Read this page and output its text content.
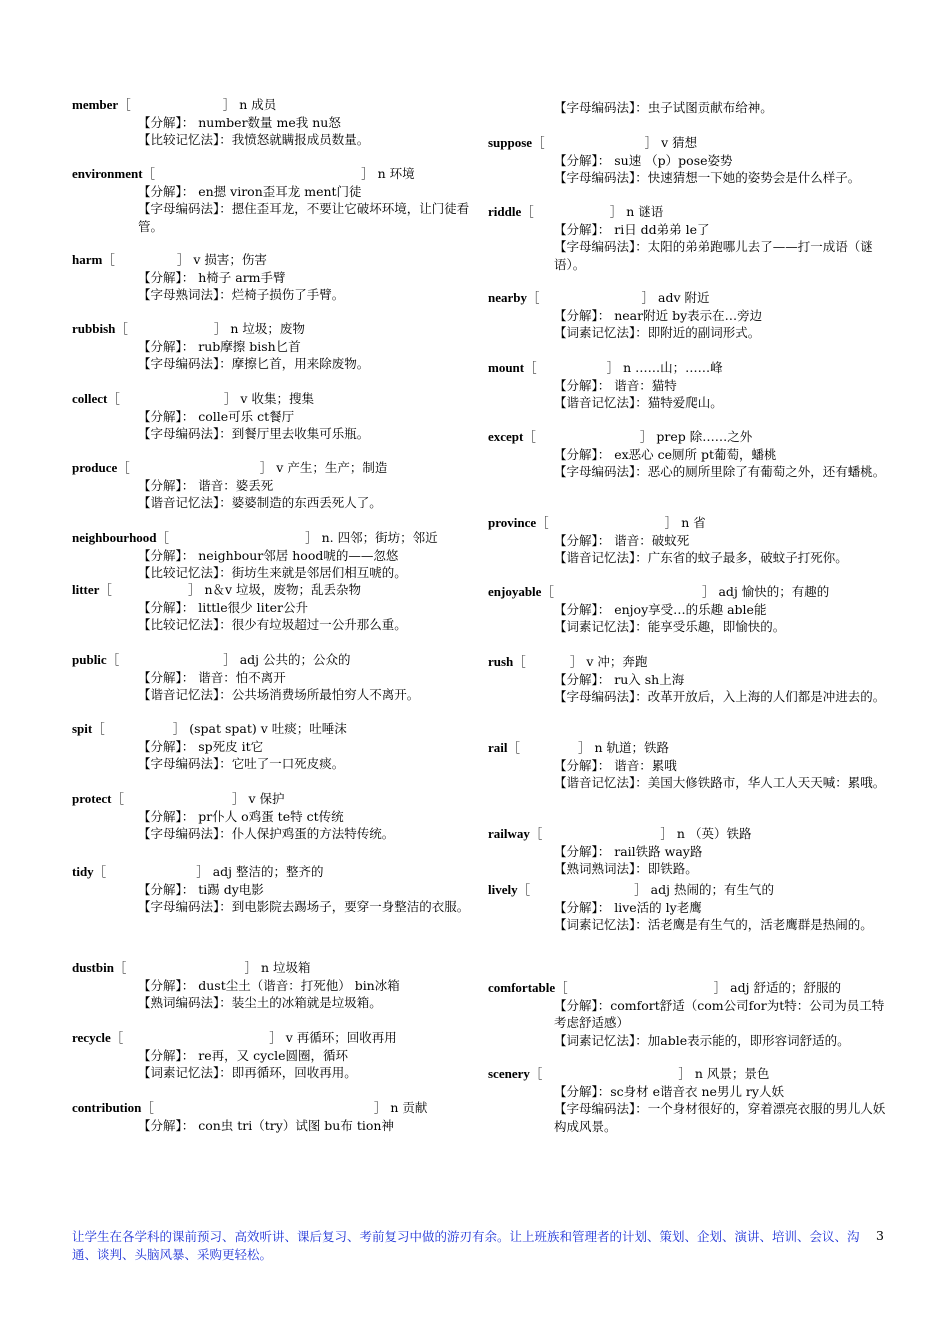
member［	］ n 成员
【分解】： number数量 me我 nu怒
【比较记忆法】：我愤怒就瞒报成员数量。
environment［	］ n 环境
【分解】： en摁 viron歪耳龙 ment门徒
【字母编码法】：摁住歪耳龙，不要让它破坏环境，让门徒看管。
harm［	］ v 损害；伤害
【分解】： h椅子 arm手臂
【字母熟词法】：烂椅子损伤了手臂。
rubbish［	］ n 垃圾；废物
【分解】： rub摩擦 bish匕首
【字母编码法】：摩擦匕首，用来除废物。
collect［	］ v 收集；搜集
【分解】： colle可乐 ct餐厅
【字母编码法】：到餐厅里去收集可乐瓶。
produce［	］ v 产生；生产；制造
【分解】： 谐音：婆丢死
【谐音记忆法】：婆婆制造的东西丢死人了。
neighbourhood［	］ n. 四邻；街坊；邻近
【分解】： neighbour邻居 hood唬的——忽悠
【比较记忆法】：街坊生来就是邻居们相互唬的。
litter［	］ n＆v 垃圾，废物；乱丢杂物
【分解】： little很少 liter公升
【比较记忆法】：很少有垃圾超过一公升那么重。
public［	］ adj 公共的；公众的
【分解】： 谐音：怕不离开
【谐音记忆法】：公共场消费场所最怕穷人不离开。
spit［	］ (spat spat) v 吐痰；吐唾沫
【分解】： sp死皮 it它
【字母编码法】：它吐了一口死皮痰。
protect［	］ v 保护
【分解】： pr仆人 o鸡蛋 te特 ct传统
【字母编码法】：仆人保护鸡蛋的方法特传统。
tidy［	］ adj 整洁的；整齐的
【分解】： ti踢 dy电影
【字母编码法】：到电影院去踢场子，要穿一身整洁的衣服。
dustbin［	］ n 垃圾箱
【分解】： dust尘土（谐音：打死他） bin冰箱
【熟词编码法】：装尘土的冰箱就是垃圾箱。
recycle［	］ v 再循环；回收再用
【分解】： re再，又 cycle圆圈，循环
【词素记忆法】：即再循环，回收再用。
contribution［	］ n 贡献
【分解】： con虫 tri（try）试图 bu布 tion神
【字母编码法】：虫子试图贡献布给神。
suppose［	］ v 猜想
【分解】： su速 （p）pose姿势
【字母编码法】：快速猜想一下她的姿势会是什么样子。
riddle［	］ n 谜语
【分解】： ri日 dd弟弟 le了
【字母编码法】：太阳的弟弟跑哪儿去了——打一成语（谜语）。
nearby［	］ adv 附近
【分解】： near附近 by表示在…旁边
【词素记忆法】：即附近的副词形式。
mount［	］ n ……山；……峰
【分解】： 谐音：猫特
【谐音记忆法】：猫特爱爬山。
except［	］ prep 除……之外
【分解】： ex恶心 ce厕所 pt葡萄，蟠桃
【字母编码法】：恶心的厕所里除了有葡萄之外，还有蟠桃。
province［	］ n 省
【分解】： 谐音：破蚊死
【谐音记忆法】：广东省的蚊子最多，破蚊子打死你。
enjoyable［	］ adj 愉快的；有趣的
【分解】： enjoy享受…的乐趣 able能
【词素记忆法】：能享受乐趣，即愉快的。
rush［	］ v 冲；奔跑
【分解】： ru入 sh上海
【字母编码法】：改革开放后，入上海的人们都是冲进去的。
rail［	］ n 轨道；铁路
【分解】： 谐音：累哦
【谐音记忆法】：美国大修铁路市，华人工人天天喊：累哦。
railway［	］ n （英）铁路
【分解】： rail铁路 way路
【熟词熟词法】：即铁路。
lively［	］ adj 热闹的；有生气的
【分解】： live活的 ly老鹰
【词素记忆法】：活老鹰是有生气的，活老鹰群是热闹的。
comfortable［	］ adj 舒适的；舒服的
【分解】：comfort舒适（com公司for为t特：公司为员工特考虑舒适感）
【词素记忆法】：加able表示能的，即形容词舒适的。
scenery［	］ n 风景；景色
【分解】：sc身材 e谐音衣 ne男儿 ry人妖
【字母编码法】：一个身材很好的，穿着漂亮衣服的男儿人妖构成风景。
让学生在各学科的课前预习、高效听讲、课后复习、考前复习中做的游刃有余。让上班族和管理者的计划、策划、企划、演讲、培训、会议、沟通、谈判、头脑风暴、采购更轻松。
3
